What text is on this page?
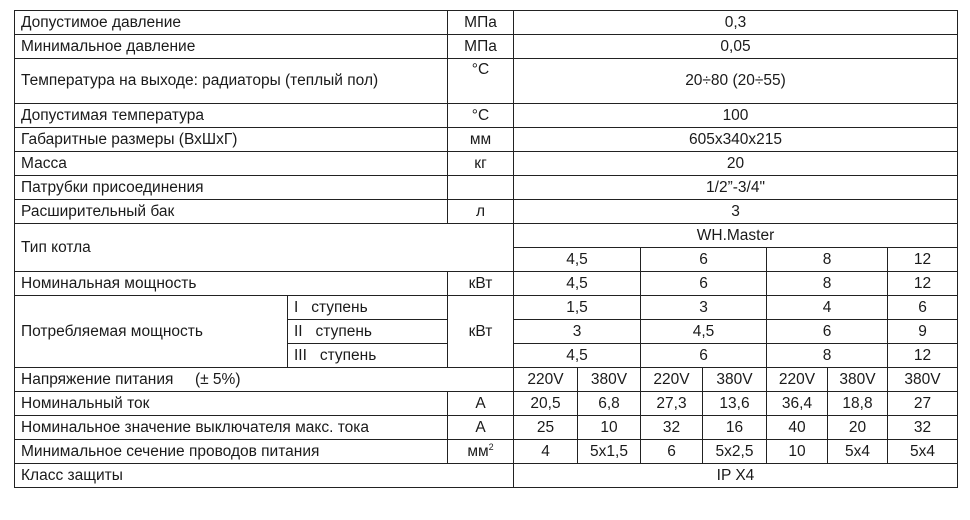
Допустимое давление		МПа	0,3						
Минимальное давление		МПа	0,05						
Температура на выходе: радиаторы (теплый пол)		°С	20÷80 (20÷55)						
Допустимая температура		°С	100						
Габаритные размеры (ВхШхГ)		мм	605x340x215						
Масса		кг	20						
Патрубки присоединения			1/2”-3/4"						
Расширительный бак		л	3						
Тип котла			WH.Master						
			4,5		6		8		12
Номинальная мощность		кВт	4,5		6		8		12
Потребляемая мощность	I ступень	кВт	1,5		3		4		6
	II ступень		3		4,5		6		9
	III ступень		4,5		6		8		12
Напряжение питания (± 5%)			220V	380V	220V	380V	220V	380V	380V
Номинальный ток		А	20,5	6,8	27,3	13,6	36,4	18,8	27
Номинальное значение выключателя макс. тока		А	25	10	32	16	40	20	32
Минимальное сечение проводов питания		$мм^2$	4	5x1,5	6	5x2,5	10	5x4	5x4
Класс защиты			IP X4						
